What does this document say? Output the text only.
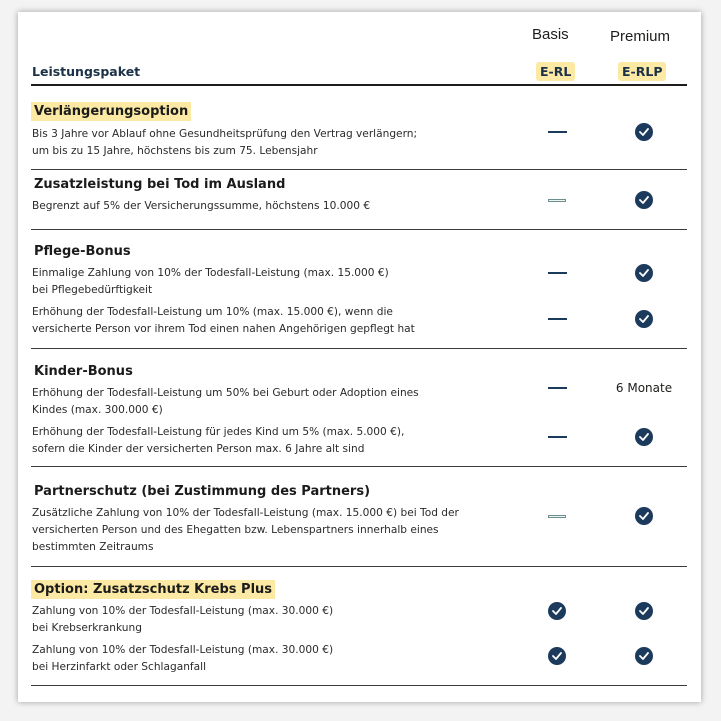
Basis	Premium
E-RL	E-RLP
Leistungspaket
Verlängerungsoption
Bis 3 Jahre vor Ablauf ohne Gesundheitsprüfung den Vertrag verlängern;
um bis zu 15 Jahre, höchstens bis zum 75. Lebensjahr
Zusatzleistung bei Tod im Ausland
Begrenzt auf 5% der Versicherungssumme, höchstens 10.000 €
Pflege-Bonus
Einmalige Zahlung von 10% der Todesfall-Leistung (max. 15.000 €)
bei Pflegebedürftigkeit
Erhöhung der Todesfall-Leistung um 10% (max. 15.000 €), wenn die
versicherte Person vor ihrem Tod einen nahen Angehörigen gepflegt hat
Kinder-Bonus
Erhöhung der Todesfall-Leistung um 50% bei Geburt oder Adoption eines
Kindes (max. 300.000 €)
6 Monate
Erhöhung der Todesfall-Leistung für jedes Kind um 5% (max. 5.000 €),
sofern die Kinder der versicherten Person max. 6 Jahre alt sind
Partnerschutz (bei Zustimmung des Partners)
Zusätzliche Zahlung von 10% der Todesfall-Leistung (max. 15.000 €) bei Tod der
versicherten Person und des Ehegatten bzw. Lebenspartners innerhalb eines
bestimmten Zeitraums
Option: Zusatzschutz Krebs Plus
Zahlung von 10% der Todesfall-Leistung (max. 30.000 €)
bei Krebserkrankung
Zahlung von 10% der Todesfall-Leistung (max. 30.000 €)
bei Herzinfarkt oder Schlaganfall
